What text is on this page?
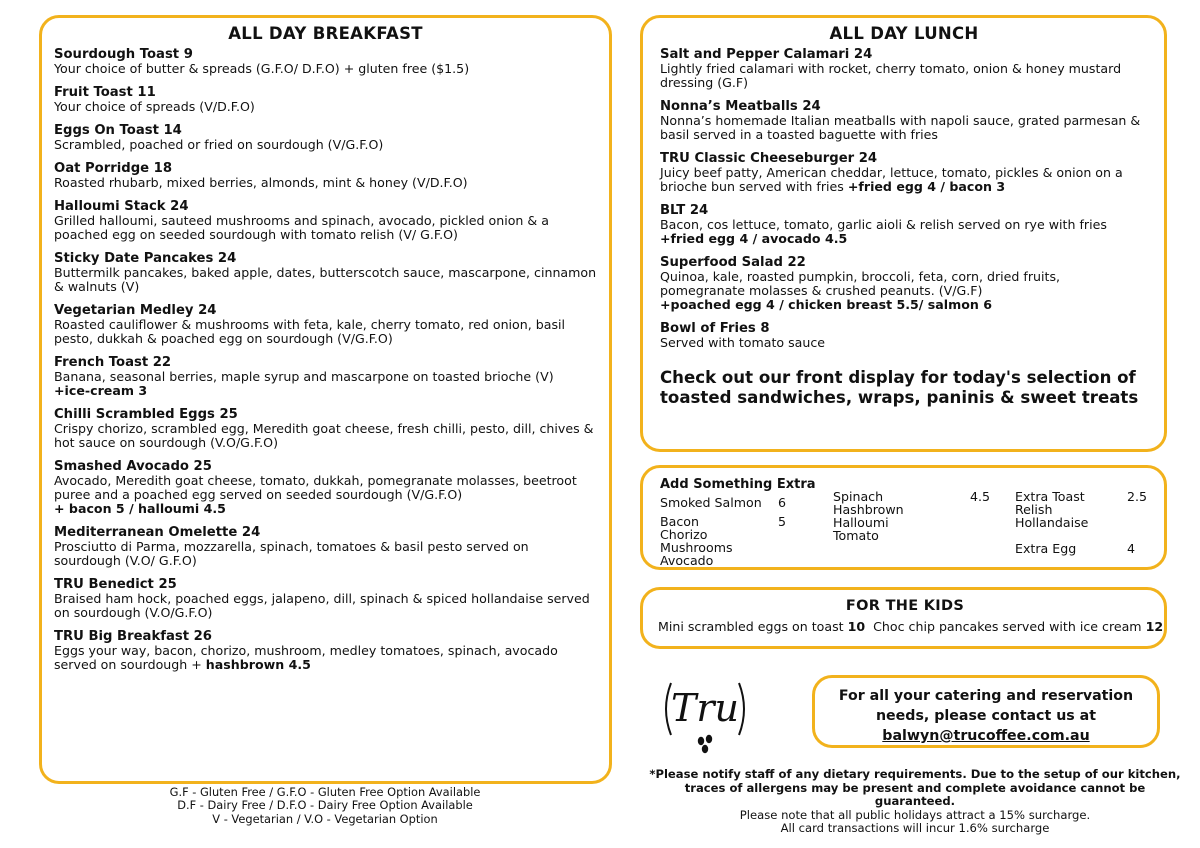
ALL DAY BREAKFAST
Sourdough Toast 9
Your choice of butter & spreads (G.F.O/ D.F.O) + gluten free ($1.5)
Fruit Toast 11
Your choice of spreads (V/D.F.O)
Eggs On Toast 14
Scrambled, poached or fried on sourdough (V/G.F.O)
Oat Porridge 18
Roasted rhubarb, mixed berries, almonds, mint & honey (V/D.F.O)
Halloumi Stack 24
Grilled halloumi, sauteed mushrooms and spinach, avocado, pickled onion & a poached egg on seeded sourdough with tomato relish (V/ G.F.O)
Sticky Date Pancakes 24
Buttermilk pancakes, baked apple, dates, butterscotch sauce, mascarpone, cinnamon & walnuts (V)
Vegetarian Medley 24
Roasted cauliflower & mushrooms with feta, kale, cherry tomato, red onion, basil pesto, dukkah & poached egg on sourdough (V/G.F.O)
French Toast 22
Banana, seasonal berries, maple syrup and mascarpone on toasted brioche (V)
+ice-cream 3
Chilli Scrambled Eggs 25
Crispy chorizo, scrambled egg, Meredith goat cheese, fresh chilli, pesto, dill, chives & hot sauce on sourdough (V.O/G.F.O)
Smashed Avocado 25
Avocado, Meredith goat cheese, tomato, dukkah, pomegranate molasses, beetroot puree and a poached egg served on seeded sourdough (V/G.F.O)
+ bacon 5 / halloumi 4.5
Mediterranean Omelette 24
Prosciutto di Parma, mozzarella, spinach, tomatoes & basil pesto served on sourdough (V.O/ G.F.O)
TRU Benedict 25
Braised ham hock, poached eggs, jalapeno, dill, spinach & spiced hollandaise served on sourdough (V.O/G.F.O)
TRU Big Breakfast 26
Eggs your way, bacon, chorizo, mushroom, medley tomatoes, spinach, avocado served on sourdough + hashbrown 4.5
ALL DAY LUNCH
Salt and Pepper Calamari 24
Lightly fried calamari with rocket, cherry tomato, onion & honey mustard dressing (G.F)
Nonna’s Meatballs 24
Nonna’s homemade Italian meatballs with napoli sauce, grated parmesan & basil served in a toasted baguette with fries
TRU Classic Cheeseburger 24
Juicy beef patty, American cheddar, lettuce, tomato, pickles & onion on a brioche bun served with fries +fried egg 4 / bacon 3
BLT 24
Bacon, cos lettuce, tomato, garlic aioli & relish served on rye with fries
+fried egg 4 / avocado 4.5
Superfood Salad 22
Quinoa, kale, roasted pumpkin, broccoli, feta, corn, dried fruits, pomegranate molasses & crushed peanuts. (V/G.F)
+poached egg 4 / chicken breast 5.5/ salmon 6
Bowl of Fries 8
Served with tomato sauce
Check out our front display for today's selection of toasted sandwiches, wraps, paninis & sweet treats
Add Something Extra
Smoked Salmon 6
Bacon	5
Chorizo
Mushrooms
Avocado
Spinach	4.5
Hashbrown
Halloumi
Tomato
Extra Toast	2.5
Relish
Hollandaise
Extra Egg	4
FOR THE KIDS
Mini scrambled eggs on toast 10  Choc chip pancakes served with ice cream 12
Tru	For all your catering and reservation
needs, please contact us at
balwyn@trucoffee.com.au
*Please notify staff of any dietary requirements. Due to the setup of our kitchen, traces of allergens may be present and complete avoidance cannot be guaranteed.
Please note that all public holidays attract a 15% surcharge.
All card transactions will incur 1.6% surcharge
G.F - Gluten Free / G.F.O - Gluten Free Option Available
D.F - Dairy Free / D.F.O - Dairy Free Option Available
V - Vegetarian / V.O - Vegetarian Option
